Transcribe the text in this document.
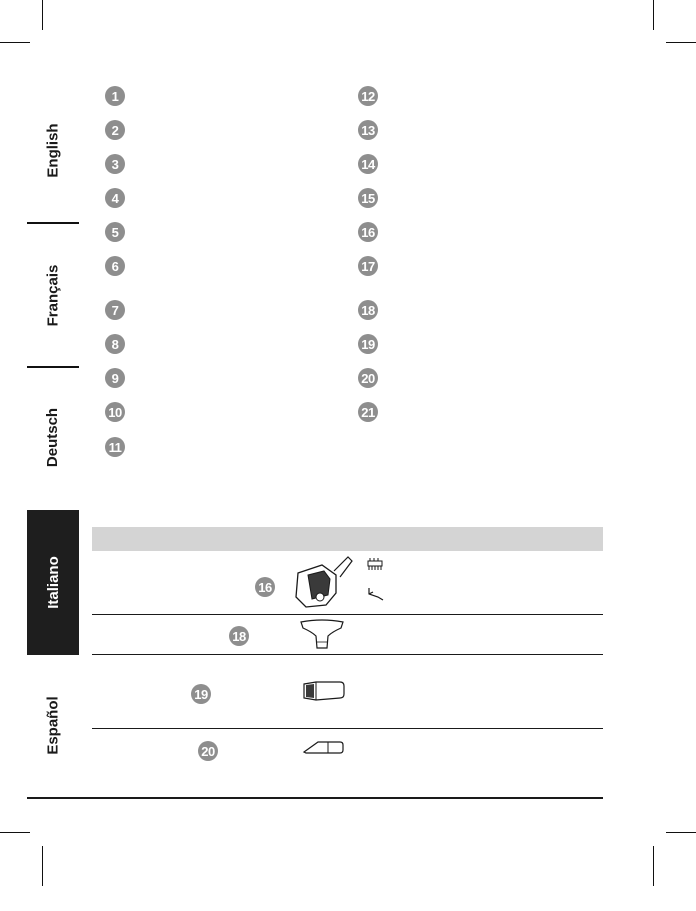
English
Français
Deutsch
Italiano
Español
1
2
3
4
5
6
7
8
9
10
11
12
13
14
15
16
17
18
19
20
21
16
18
19
20
